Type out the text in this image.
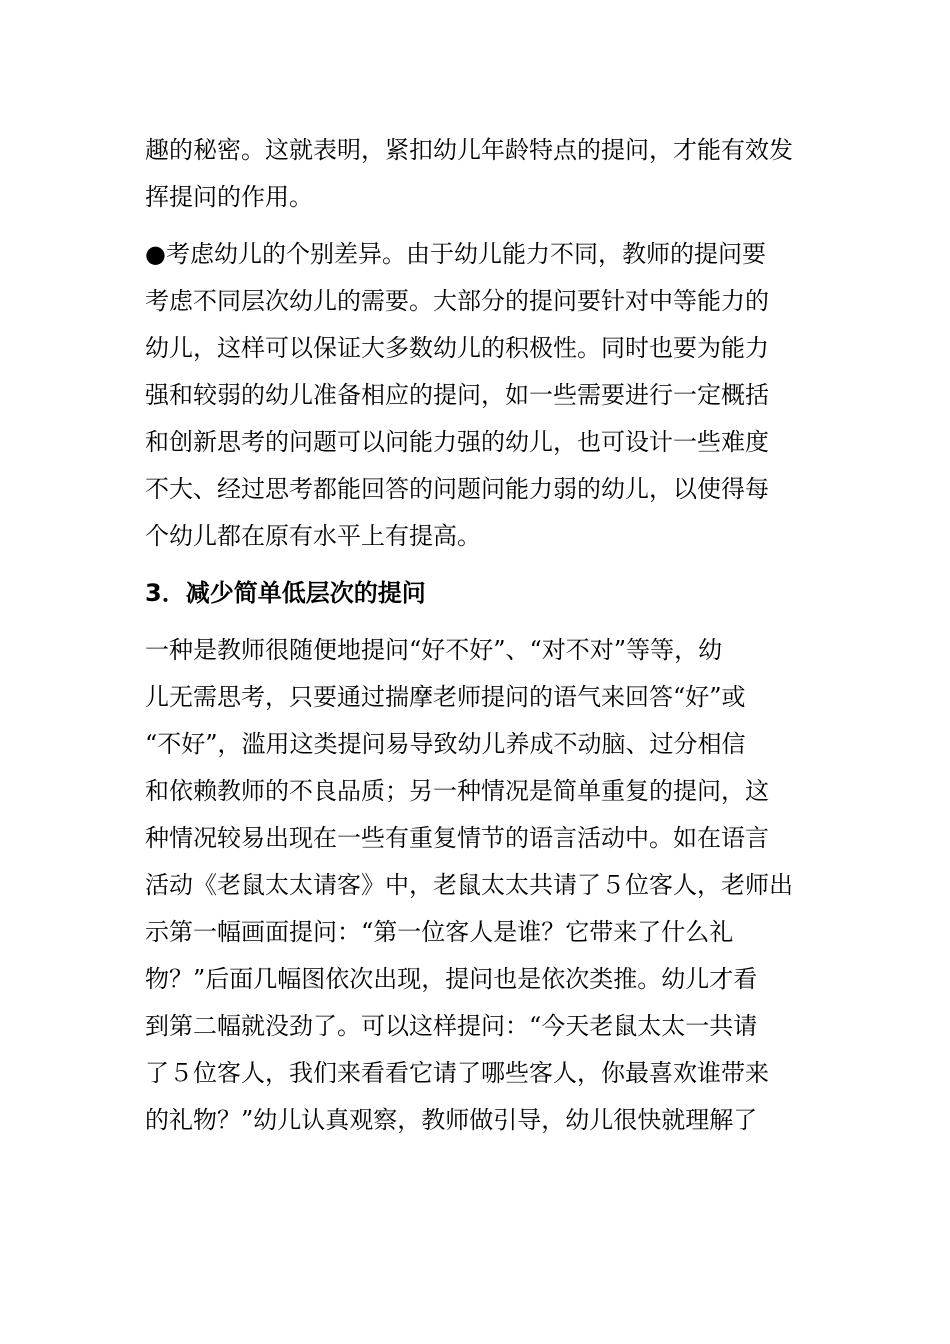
趣的秘密。这就表明，紧扣幼儿年龄特点的提问，才能有效发
挥提问的作用。
●考虑幼儿的个别差异。由于幼儿能力不同，教师的提问要
考虑不同层次幼儿的需要。大部分的提问要针对中等能力的
幼儿，这样可以保证大多数幼儿的积极性。同时也要为能力
强和较弱的幼儿准备相应的提问，如一些需要进行一定概括
和创新思考的问题可以问能力强的幼儿，也可设计一些难度
不大、经过思考都能回答的问题问能力弱的幼儿，以使得每
个幼儿都在原有水平上有提高。
3．减少简单低层次的提问
一种是教师很随便地提问“好不好”、“对不对”等等，幼
儿无需思考，只要通过揣摩老师提问的语气来回答“好”或
“不好”，滥用这类提问易导致幼儿养成不动脑、过分相信
和依赖教师的不良品质；另一种情况是简单重复的提问，这
种情况较易出现在一些有重复情节的语言活动中。如在语言
活动《老鼠太太请客》中，老鼠太太共请了５位客人，老师出
示第一幅画面提问：“第一位客人是谁？它带来了什么礼
物？”后面几幅图依次出现，提问也是依次类推。幼儿才看
到第二幅就没劲了。可以这样提问：“今天老鼠太太一共请
了５位客人，我们来看看它请了哪些客人，你最喜欢谁带来
的礼物？”幼儿认真观察，教师做引导，幼儿很快就理解了
